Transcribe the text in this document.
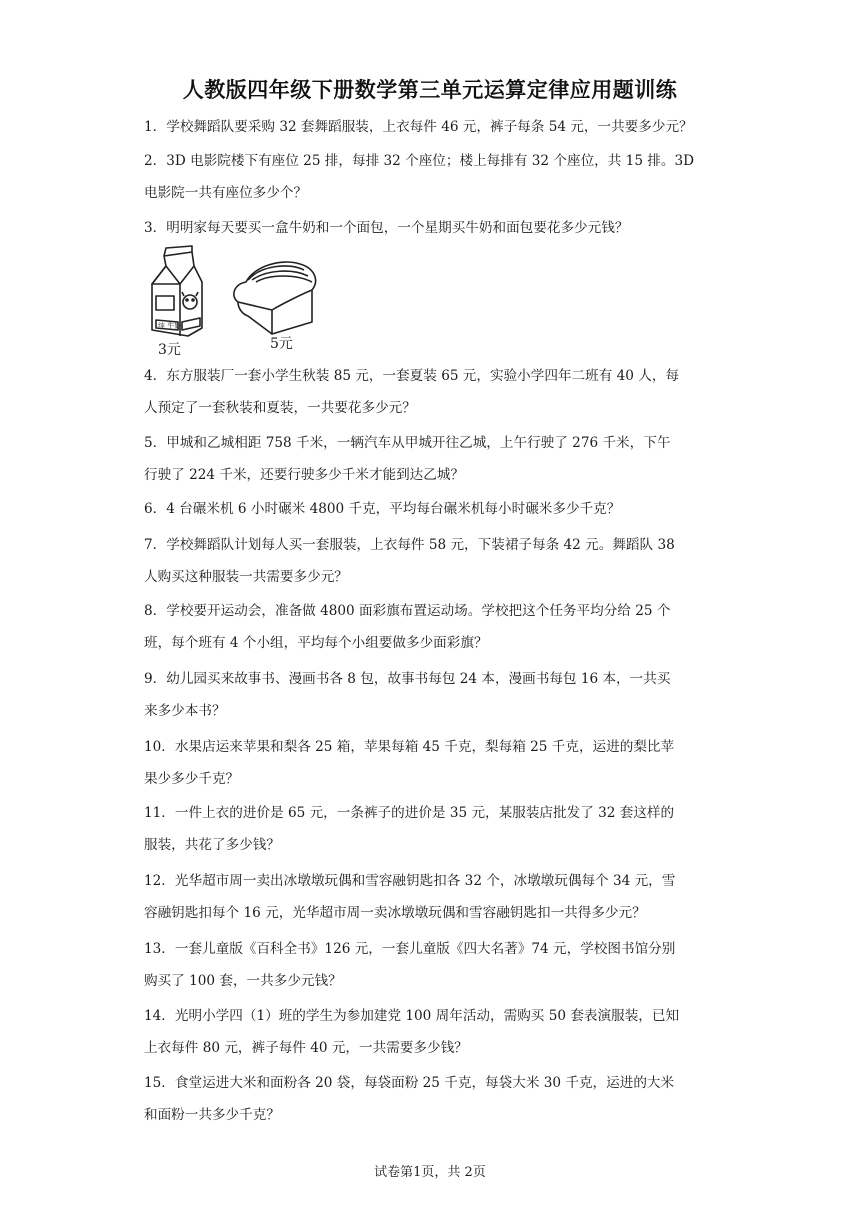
人教版四年级下册数学第三单元运算定律应用题训练
1．学校舞蹈队要采购 32 套舞蹈服装，上衣每件 46 元，裤子每条 54 元，一共要多少元？
2．3D 电影院楼下有座位 25 排，每排 32 个座位；楼上每排有 32 个座位，共 15 排。3D
电影院一共有座位多少个？
3．明明家每天要买一盒牛奶和一个面包，一个星期买牛奶和面包要花多少元钱？
纯 牛奶
3元	5元
4．东方服装厂一套小学生秋装 85 元，一套夏装 65 元，实验小学四年二班有 40 人，每
人预定了一套秋装和夏装，一共要花多少元？
5．甲城和乙城相距 758 千米，一辆汽车从甲城开往乙城，上午行驶了 276 千米，下午
行驶了 224 千米，还要行驶多少千米才能到达乙城？
6．4 台碾米机 6 小时碾米 4800 千克，平均每台碾米机每小时碾米多少千克？
7．学校舞蹈队计划每人买一套服装，上衣每件 58 元，下装裙子每条 42 元。舞蹈队 38
人购买这种服装一共需要多少元？
8．学校要开运动会，准备做 4800 面彩旗布置运动场。学校把这个任务平均分给 25 个
班，每个班有 4 个小组，平均每个小组要做多少面彩旗？
9．幼儿园买来故事书、漫画书各 8 包，故事书每包 24 本，漫画书每包 16 本，一共买
来多少本书？
10．水果店运来苹果和梨各 25 箱，苹果每箱 45 千克，梨每箱 25 千克，运进的梨比苹
果少多少千克？
11．一件上衣的进价是 65 元，一条裤子的进价是 35 元，某服装店批发了 32 套这样的
服装，共花了多少钱？
12．光华超市周一卖出冰墩墩玩偶和雪容融钥匙扣各 32 个，冰墩墩玩偶每个 34 元，雪
容融钥匙扣每个 16 元，光华超市周一卖冰墩墩玩偶和雪容融钥匙扣一共得多少元？
13．一套儿童版《百科全书》126 元，一套儿童版《四大名著》74 元，学校图书馆分别
购买了 100 套，一共多少元钱？
14．光明小学四（1）班的学生为参加建党 100 周年活动，需购买 50 套表演服装，已知
上衣每件 80 元，裤子每件 40 元，一共需要多少钱？
15．食堂运进大米和面粉各 20 袋，每袋面粉 25 千克，每袋大米 30 千克，运进的大米
和面粉一共多少千克？
试卷第1页，共 2页
